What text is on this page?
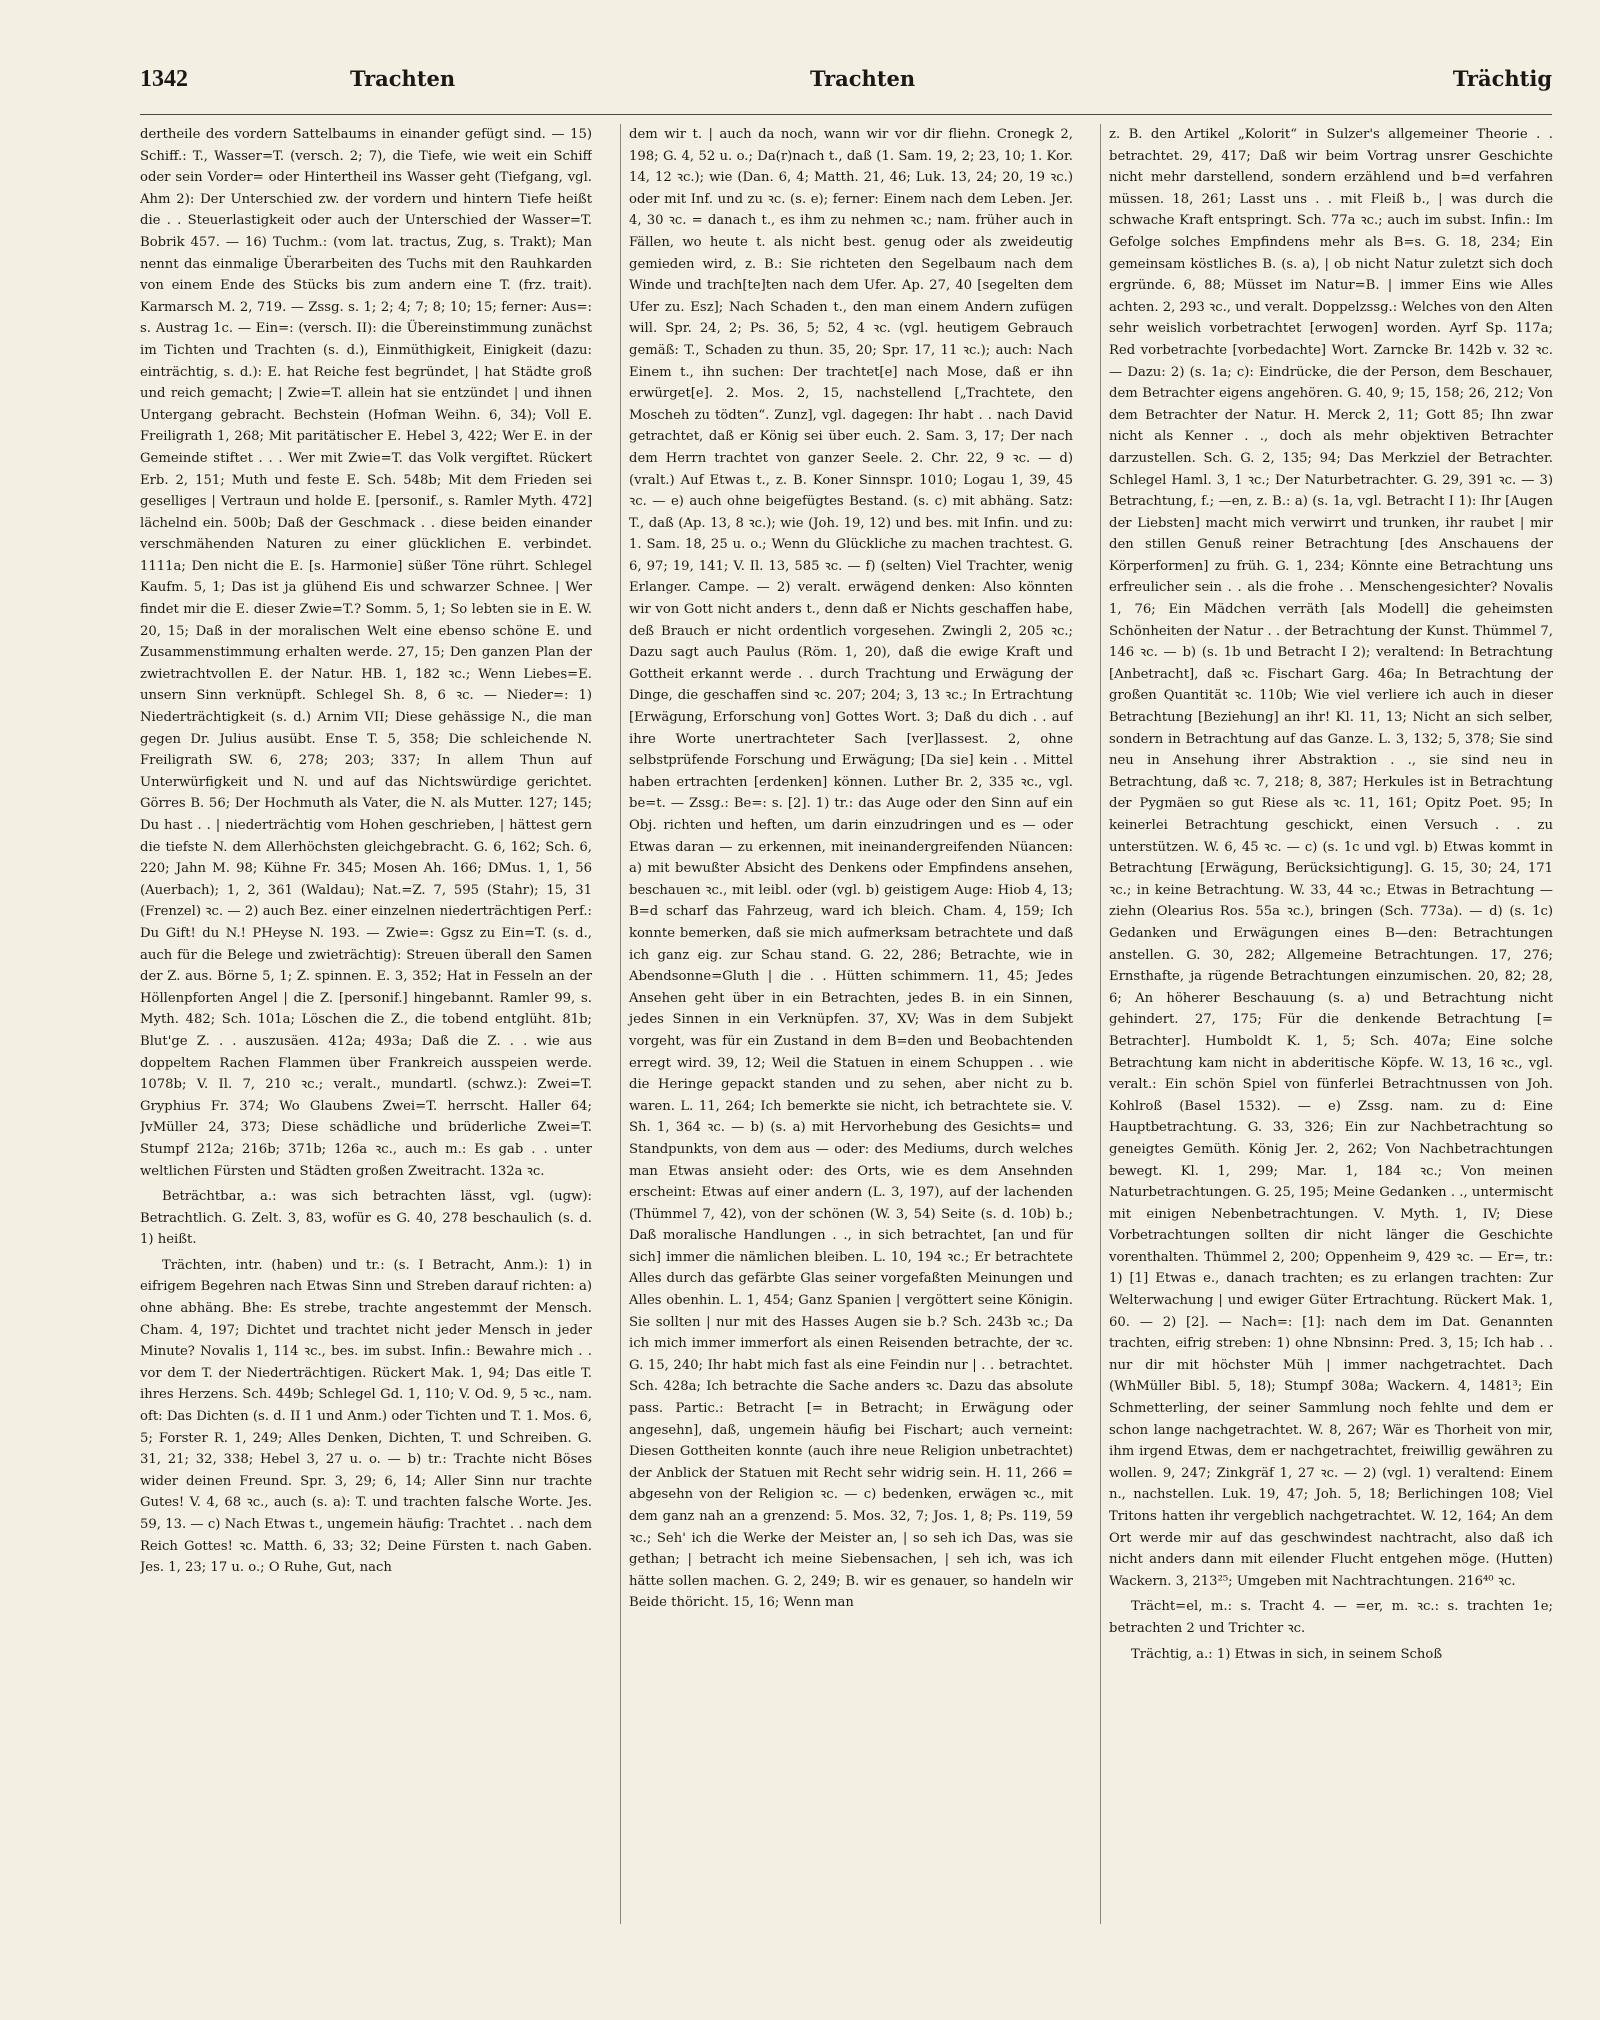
1342	Trachten	Trachten	Trächtig

dertheile des vordern Sattelbaums in einander gefügt sind. — 15) Schiff.: T., Wasser=T. (versch. 2; 7), die Tiefe, wie weit ein Schiff oder sein Vorder= oder Hintertheil ins Wasser geht (Tiefgang, vgl. Ahm 2): Der Unterschied zw. der vordern und hintern Tiefe heißt die . . Steuerlastigkeit oder auch der Unterschied der Wasser=T. Bobrik 457. — 16) Tuchm.: (vom lat. tractus, Zug, s. Trakt); Man nennt das einmalige Überarbeiten des Tuchs mit den Rauhkarden von einem Ende des Stücks bis zum andern eine T. (frz. trait). Karmarsch M. 2, 719. — Zssg. s. 1; 2; 4; 7; 8; 10; 15; ferner: Aus=: s. Austrag 1c. — Ein=: (versch. II): die Übereinstimmung zunächst im Tichten und Trachten (s. d.), Einmüthigkeit, Einigkeit (dazu: einträchtig, s. d.): E. hat Reiche fest begründet, | hat Städte groß und reich gemacht; | Zwie=T. allein hat sie entzündet | und ihnen Untergang gebracht. Bechstein (Hofman Weihn. 6, 34); Voll E. Freiligrath 1, 268; Mit paritätischer E. Hebel 3, 422; Wer E. in der Gemeinde stiftet . . . Wer mit Zwie=T. das Volk vergiftet. Rückert Erb. 2, 151; Muth und feste E. Sch. 548b; Mit dem Frieden sei geselliges | Vertraun und holde E. [personif., s. Ramler Myth. 472] lächelnd ein. 500b; Daß der Geschmack . . diese beiden einander verschmähenden Naturen zu einer glücklichen E. verbindet. 1111a; Den nicht die E. [s. Harmonie] süßer Töne rührt. Schlegel Kaufm. 5, 1; Das ist ja glühend Eis und schwarzer Schnee. | Wer findet mir die E. dieser Zwie=T.? Somm. 5, 1; So lebten sie in E. W. 20, 15; Daß in der moralischen Welt eine ebenso schöne E. und Zusammenstimmung erhalten werde. 27, 15; Den ganzen Plan der zwietrachtvollen E. der Natur. HB. 1, 182 ꝛc.; Wenn Liebes=E. unsern Sinn verknüpft. Schlegel Sh. 8, 6 ꝛc. — Nieder=: 1) Niederträchtigkeit (s. d.) Arnim VII; Diese gehässige N., die man gegen Dr. Julius ausübt. Ense T. 5, 358; Die schleichende N. Freiligrath SW. 6, 278; 203; 337; In allem Thun auf Unterwürfigkeit und N. und auf das Nichtswürdige gerichtet. Görres B. 56; Der Hochmuth als Vater, die N. als Mutter. 127; 145; Du hast . . | niederträchtig vom Hohen geschrieben, | hättest gern die tiefste N. dem Allerhöchsten gleichgebracht. G. 6, 162; Sch. 6, 220; Jahn M. 98; Kühne Fr. 345; Mosen Ah. 166; DMus. 1, 1, 56 (Auerbach); 1, 2, 361 (Waldau); Nat.=Z. 7, 595 (Stahr); 15, 31 (Frenzel) ꝛc. — 2) auch Bez. einer einzelnen niederträchtigen Perf.: Du Gift! du N.! PHeyse N. 193. — Zwie=: Ggsz zu Ein=T. (s. d., auch für die Belege und zwieträchtig): Streuen überall den Samen der Z. aus. Börne 5, 1; Z. spinnen. E. 3, 352; Hat in Fesseln an der Höllenpforten Angel | die Z. [personif.] hingebannt. Ramler 99, s. Myth. 482; Sch. 101a; Löschen die Z., die tobend entglüht. 81b; Blut'ge Z. . . auszusäen. 412a; 493a; Daß die Z. . . wie aus doppeltem Rachen Flammen über Frankreich ausspeien werde. 1078b; V. Il. 7, 210 ꝛc.; veralt., mundartl. (schwz.): Zwei=T. Gryphius Fr. 374; Wo Glaubens Zwei=T. herrscht. Haller 64; JvMüller 24, 373; Diese schädliche und brüderliche Zwei=T. Stumpf 212a; 216b; 371b; 126a ꝛc., auch m.: Es gab . . unter weltlichen Fürsten und Städten großen Zweitracht. 132a ꝛc.

Beträchtbar, a.: was sich betrachten lässt, vgl. (ugw): Betrachtlich. G. Zelt. 3, 83, wofür es G. 40, 278 beschaulich (s. d. 1) heißt.

Trächten, intr. (haben) und tr.: (s. I Betracht, Anm.): 1) in eifrigem Begehren nach Etwas Sinn und Streben darauf richten: a) ohne abhäng. Bhe: Es strebe, trachte angestemmt der Mensch. Cham. 4, 197; Dichtet und trachtet nicht jeder Mensch in jeder Minute? Novalis 1, 114 ꝛc., bes. im subst. Infin.: Bewahre mich . . vor dem T. der Niederträchtigen. Rückert Mak. 1, 94; Das eitle T. ihres Herzens. Sch. 449b; Schlegel Gd. 1, 110; V. Od. 9, 5 ꝛc., nam. oft: Das Dichten (s. d. II 1 und Anm.) oder Tichten und T. 1. Mos. 6, 5; Forster R. 1, 249; Alles Denken, Dichten, T. und Schreiben. G. 31, 21; 32, 338; Hebel 3, 27 u. o. — b) tr.: Trachte nicht Böses wider deinen Freund. Spr. 3, 29; 6, 14; Aller Sinn nur trachte Gutes! V. 4, 68 ꝛc., auch (s. a): T. und trachten falsche Worte. Jes. 59, 13. — c) Nach Etwas t., ungemein häufig: Trachtet . . nach dem Reich Gottes! ꝛc. Matth. 6, 33; 32; Deine Fürsten t. nach Gaben. Jes. 1, 23; 17 u. o.; O Ruhe, Gut, nach

dem wir t. | auch da noch, wann wir vor dir fliehn. Cronegk 2, 198; G. 4, 52 u. o.; Da(r)nach t., daß (1. Sam. 19, 2; 23, 10; 1. Kor. 14, 12 ꝛc.); wie (Dan. 6, 4; Matth. 21, 46; Luk. 13, 24; 20, 19 ꝛc.) oder mit Inf. und zu ꝛc. (s. e); ferner: Einem nach dem Leben. Jer. 4, 30 ꝛc. = danach t., es ihm zu nehmen ꝛc.; nam. früher auch in Fällen, wo heute t. als nicht best. genug oder als zweideutig gemieden wird, z. B.: Sie richteten den Segelbaum nach dem Winde und trach[te]ten nach dem Ufer. Ap. 27, 40 [segelten dem Ufer zu. Esz]; Nach Schaden t., den man einem Andern zufügen will. Spr. 24, 2; Ps. 36, 5; 52, 4 ꝛc. (vgl. heutigem Gebrauch gemäß: T., Schaden zu thun. 35, 20; Spr. 17, 11 ꝛc.); auch: Nach Einem t., ihn suchen: Der trachtet[e] nach Mose, daß er ihn erwürget[e]. 2. Mos. 2, 15, nachstellend [„Trachtete, den Moscheh zu tödten“. Zunz], vgl. dagegen: Ihr habt . . nach David getrachtet, daß er König sei über euch. 2. Sam. 3, 17; Der nach dem Herrn trachtet von ganzer Seele. 2. Chr. 22, 9 ꝛc. — d) (vralt.) Auf Etwas t., z. B. Koner Sinnspr. 1010; Logau 1, 39, 45 ꝛc. — e) auch ohne beigefügtes Bestand. (s. c) mit abhäng. Satz: T., daß (Ap. 13, 8 ꝛc.); wie (Joh. 19, 12) und bes. mit Infin. und zu: 1. Sam. 18, 25 u. o.; Wenn du Glückliche zu machen trachtest. G. 6, 97; 19, 141; V. Il. 13, 585 ꝛc. — f) (selten) Viel Trachter, wenig Erlanger. Campe. — 2) veralt. erwägend denken: Also könnten wir von Gott nicht anders t., denn daß er Nichts geschaffen habe, deß Brauch er nicht ordentlich vorgesehen. Zwingli 2, 205 ꝛc.; Dazu sagt auch Paulus (Röm. 1, 20), daß die ewige Kraft und Gottheit erkannt werde . . durch Trachtung und Erwägung der Dinge, die geschaffen sind ꝛc. 207; 204; 3, 13 ꝛc.; In Ertrachtung [Erwägung, Erforschung von] Gottes Wort. 3; Daß du dich . . auf ihre Worte unertrachteter Sach [ver]lassest. 2, ohne selbstprüfende Forschung und Erwägung; [Da sie] kein . . Mittel haben ertrachten [erdenken] können. Luther Br. 2, 335 ꝛc., vgl. be=t. — Zssg.: Be=: s. [2]. 1) tr.: das Auge oder den Sinn auf ein Obj. richten und heften, um darin einzudringen und es — oder Etwas daran — zu erkennen, mit ineinandergreifenden Nüancen: a) mit bewußter Absicht des Denkens oder Empfindens ansehen, beschauen ꝛc., mit leibl. oder (vgl. b) geistigem Auge: Hiob 4, 13; B=d scharf das Fahrzeug, ward ich bleich. Cham. 4, 159; Ich konnte bemerken, daß sie mich aufmerksam betrachtete und daß ich ganz eig. zur Schau stand. G. 22, 286; Betrachte, wie in Abendsonne=Gluth | die . . Hütten schimmern. 11, 45; Jedes Ansehen geht über in ein Betrachten, jedes B. in ein Sinnen, jedes Sinnen in ein Verknüpfen. 37, XV; Was in dem Subjekt vorgeht, was für ein Zustand in dem B=den und Beobachtenden erregt wird. 39, 12; Weil die Statuen in einem Schuppen . . wie die Heringe gepackt standen und zu sehen, aber nicht zu b. waren. L. 11, 264; Ich bemerkte sie nicht, ich betrachtete sie. V. Sh. 1, 364 ꝛc. — b) (s. a) mit Hervorhebung des Gesichts= und Standpunkts, von dem aus — oder: des Mediums, durch welches man Etwas ansieht oder: des Orts, wie es dem Ansehnden erscheint: Etwas auf einer andern (L. 3, 197), auf der lachenden (Thümmel 7, 42), von der schönen (W. 3, 54) Seite (s. d. 10b) b.; Daß moralische Handlungen . ., in sich betrachtet, [an und für sich] immer die nämlichen bleiben. L. 10, 194 ꝛc.; Er betrachtete Alles durch das gefärbte Glas seiner vorgefaßten Meinungen und Alles obenhin. L. 1, 454; Ganz Spanien | vergöttert seine Königin. Sie sollten | nur mit des Hasses Augen sie b.? Sch. 243b ꝛc.; Da ich mich immer immerfort als einen Reisenden betrachte, der ꝛc. G. 15, 240; Ihr habt mich fast als eine Feindin nur | . . betrachtet. Sch. 428a; Ich betrachte die Sache anders ꝛc. Dazu das absolute pass. Partic.: Betracht [= in Betracht; in Erwägung oder angesehn], daß, ungemein häufig bei Fischart; auch verneint: Diesen Gottheiten konnte (auch ihre neue Religion unbetrachtet) der Anblick der Statuen mit Recht sehr widrig sein. H. 11, 266 = abgesehn von der Religion ꝛc. — c) bedenken, erwägen ꝛc., mit dem ganz nah an a grenzend: 5. Mos. 32, 7; Jos. 1, 8; Ps. 119, 59 ꝛc.; Seh' ich die Werke der Meister an, | so seh ich Das, was sie gethan; | betracht ich meine Siebensachen, | seh ich, was ich hätte sollen machen. G. 2, 249; B. wir es genauer, so handeln wir Beide thöricht. 15, 16; Wenn man

z. B. den Artikel „Kolorit“ in Sulzer's allgemeiner Theorie . . betrachtet. 29, 417; Daß wir beim Vortrag unsrer Geschichte nicht mehr darstellend, sondern erzählend und b=d verfahren müssen. 18, 261; Lasst uns . . mit Fleiß b., | was durch die schwache Kraft entspringt. Sch. 77a ꝛc.; auch im subst. Infin.: Im Gefolge solches Empfindens mehr als B=s. G. 18, 234; Ein gemeinsam köstliches B. (s. a), | ob nicht Natur zuletzt sich doch ergründe. 6, 88; Müsset im Natur=B. | immer Eins wie Alles achten. 2, 293 ꝛc., und veralt. Doppelzssg.: Welches von den Alten sehr weislich vorbetrachtet [erwogen] worden. Ayrf Sp. 117a; Red vorbetrachte [vorbedachte] Wort. Zarncke Br. 142b v. 32 ꝛc. — Dazu: 2) (s. 1a; c): Eindrücke, die der Person, dem Beschauer, dem Betrachter eigens angehören. G. 40, 9; 15, 158; 26, 212; Von dem Betrachter der Natur. H. Merck 2, 11; Gott 85; Ihn zwar nicht als Kenner . ., doch als mehr objektiven Betrachter darzustellen. Sch. G. 2, 135; 94; Das Merkziel der Betrachter. Schlegel Haml. 3, 1 ꝛc.; Der Naturbetrachter. G. 29, 391 ꝛc. — 3) Betrachtung, f.; —en, z. B.: a) (s. 1a, vgl. Betracht I 1): Ihr [Augen der Liebsten] macht mich verwirrt und trunken, ihr raubet | mir den stillen Genuß reiner Betrachtung [des Anschauens der Körperformen] zu früh. G. 1, 234; Könnte eine Betrachtung uns erfreulicher sein . . als die frohe . . Menschengesichter? Novalis 1, 76; Ein Mädchen verräth [als Modell] die geheimsten Schönheiten der Natur . . der Betrachtung der Kunst. Thümmel 7, 146 ꝛc. — b) (s. 1b und Betracht I 2); veraltend: In Betrachtung [Anbetracht], daß ꝛc. Fischart Garg. 46a; In Betrachtung der großen Quantität ꝛc. 110b; Wie viel verliere ich auch in dieser Betrachtung [Beziehung] an ihr! Kl. 11, 13; Nicht an sich selber, sondern in Betrachtung auf das Ganze. L. 3, 132; 5, 378; Sie sind neu in Ansehung ihrer Abstraktion . ., sie sind neu in Betrachtung, daß ꝛc. 7, 218; 8, 387; Herkules ist in Betrachtung der Pygmäen so gut Riese als ꝛc. 11, 161; Opitz Poet. 95; In keinerlei Betrachtung geschickt, einen Versuch . . zu unterstützen. W. 6, 45 ꝛc. — c) (s. 1c und vgl. b) Etwas kommt in Betrachtung [Erwägung, Berücksichtigung]. G. 15, 30; 24, 171 ꝛc.; in keine Betrachtung. W. 33, 44 ꝛc.; Etwas in Betrachtung — ziehn (Olearius Ros. 55a ꝛc.), bringen (Sch. 773a). — d) (s. 1c) Gedanken und Erwägungen eines B—den: Betrachtungen anstellen. G. 30, 282; Allgemeine Betrachtungen. 17, 276; Ernsthafte, ja rügende Betrachtungen einzumischen. 20, 82; 28, 6; An höherer Beschauung (s. a) und Betrachtung nicht gehindert. 27, 175; Für die denkende Betrachtung [= Betrachter]. Humboldt K. 1, 5; Sch. 407a; Eine solche Betrachtung kam nicht in abderitische Köpfe. W. 13, 16 ꝛc., vgl. veralt.: Ein schön Spiel von fünferlei Betrachtnussen von Joh. Kohlroß (Basel 1532). — e) Zssg. nam. zu d: Eine Hauptbetrachtung. G. 33, 326; Ein zur Nachbetrachtung so geneigtes Gemüth. König Jer. 2, 262; Von Nachbetrachtungen bewegt. Kl. 1, 299; Mar. 1, 184 ꝛc.; Von meinen Naturbetrachtungen. G. 25, 195; Meine Gedanken . ., untermischt mit einigen Nebenbetrachtungen. V. Myth. 1, IV; Diese Vorbetrachtungen sollten dir nicht länger die Geschichte vorenthalten. Thümmel 2, 200; Oppenheim 9, 429 ꝛc. — Er=, tr.: 1) [1] Etwas e., danach trachten; es zu erlangen trachten: Zur Welterwachung | und ewiger Güter Ertrachtung. Rückert Mak. 1, 60. — 2) [2]. — Nach=: [1]: nach dem im Dat. Genannten trachten, eifrig streben: 1) ohne Nbnsinn: Pred. 3, 15; Ich hab . . nur dir mit höchster Müh | immer nachgetrachtet. Dach (WhMüller Bibl. 5, 18); Stumpf 308a; Wackern. 4, 1481³; Ein Schmetterling, der seiner Sammlung noch fehlte und dem er schon lange nachgetrachtet. W. 8, 267; Wär es Thorheit von mir, ihm irgend Etwas, dem er nachgetrachtet, freiwillig gewähren zu wollen. 9, 247; Zinkgräf 1, 27 ꝛc. — 2) (vgl. 1) veraltend: Einem n., nachstellen. Luk. 19, 47; Joh. 5, 18; Berlichingen 108; Viel Tritons hatten ihr vergeblich nachgetrachtet. W. 12, 164; An dem Ort werde mir auf das geschwindest nachtracht, also daß ich nicht anders dann mit eilender Flucht entgehen möge. (Hutten) Wackern. 3, 213²⁵; Umgeben mit Nachtrachtungen. 216⁴⁰ ꝛc.

Trächt=el, m.: s. Tracht 4. — =er, m. ꝛc.: s. trachten 1e; betrachten 2 und Trichter ꝛc.

Trächtig, a.: 1) Etwas in sich, in seinem Schoß
